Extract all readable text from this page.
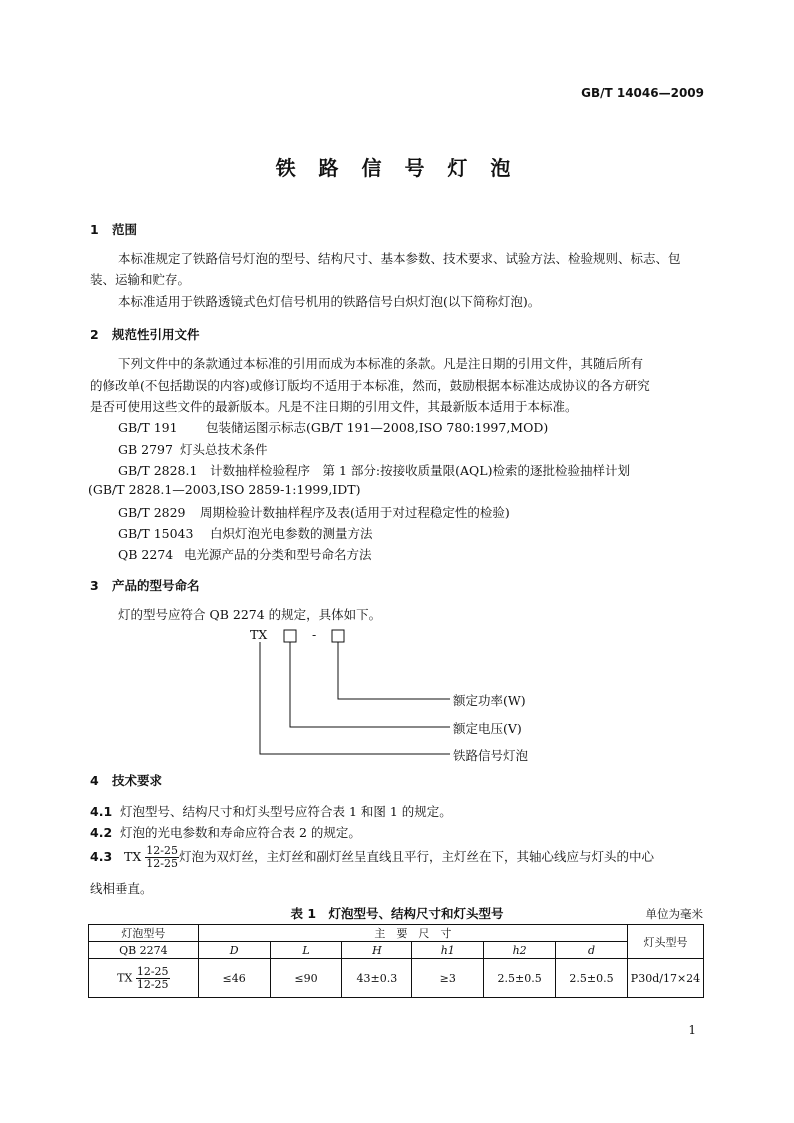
GB/T 14046—2009
铁 路 信 号 灯 泡
1 范围
本标准规定了铁路信号灯泡的型号、结构尺寸、基本参数、技术要求、试验方法、检验规则、标志、包
装、运输和贮存。
本标准适用于铁路透镜式色灯信号机用的铁路信号白炽灯泡(以下简称灯泡)。
2 规范性引用文件
下列文件中的条款通过本标准的引用而成为本标准的条款。凡是注日期的引用文件，其随后所有
的修改单(不包括勘误的内容)或修订版均不适用于本标准，然而，鼓励根据本标准达成协议的各方研究
是否可使用这些文件的最新版本。凡是不注日期的引用文件，其最新版本适用于本标准。
GB/T 191 包装储运图示标志(GB/T 191—2008,ISO 780:1997,MOD)
GB 2797 灯头总技术条件
GB/T 2828.1 计数抽样检验程序　第 1 部分:按接收质量限(AQL)检索的逐批检验抽样计划
(GB/T 2828.1—2003,ISO 2859-1:1999,IDT)
GB/T 2829 周期检验计数抽样程序及表(适用于对过程稳定性的检验)
GB/T 15043 白炽灯泡光电参数的测量方法
QB 2274 电光源产品的分类和型号命名方法
3 产品的型号命名
灯的型号应符合 QB 2274 的规定，具体如下。
TX	-
额定功率(W)
额定电压(V)
铁路信号灯泡
4 技术要求
4.1 灯泡型号、结构尺寸和灯头型号应符合表 1 和图 1 的规定。
4.2 灯泡的光电参数和寿命应符合表 2 的规定。
4.3 TX $\frac{12-25}{12-25}$ 灯泡为双灯丝，主灯丝和副灯丝呈直线且平行，主灯丝在下，其轴心线应与灯头的中心
线相垂直。
表 1　灯泡型号、结构尺寸和灯头型号	单位为毫米
灯泡型号	主　要　尺　寸						灯头型号
QB 2274	D	L	H	h1	h2	d	
TX $\frac{12-25}{12-25}$	≤46	≤90	43±0.3	≥3	2.5±0.5	2.5±0.5	P30d/17×24
1
